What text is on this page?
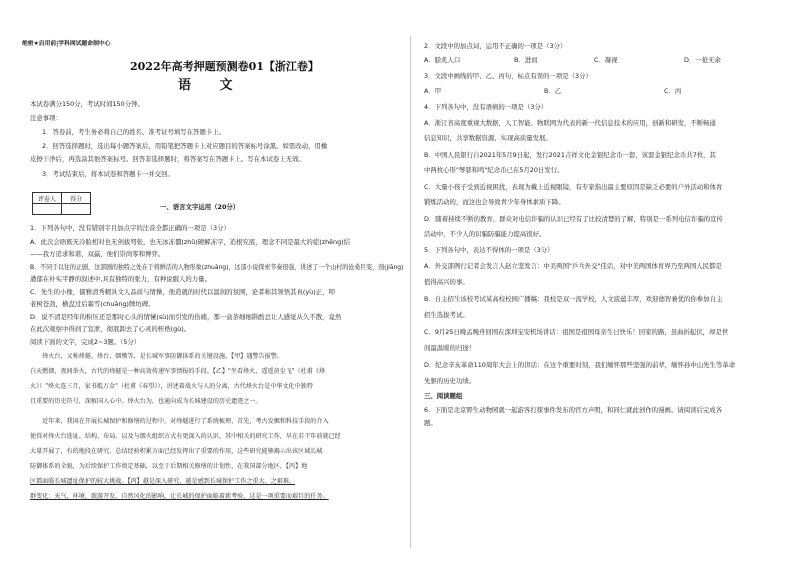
绝密★启用前|学科网试题命制中心
2022年高考押题预测卷01【浙江卷】
语 文
本试卷满分150分，考试时间150分钟。
注意事项：
1．答卷前，考生务必将自己的姓名、准考证号填写在答题卡上。
2．回答选择题时，选出每小题答案后，用铅笔把答题卡上对应题目的答案标号涂黑。如需改动，用橡
皮擦干净后，再选涂其他答案标号。回答非选择题时，将答案写在答题卡上。写在本试卷上无效。
3．考试结束后，将本试卷和答题卡一并交回。
评卷人	得分

一、语言文字运用（20分）
1．下列各句中，没有错别字且加点字的注音全都正确的一项是（3分）
A．此次会晤既无冷脸相对也无剑拔弩张，也无冰冻僵(zhǔ)硬解冻字，追根究底，理念不同是最大的症(zhēng)结
——我方追求和谐、双赢，他们崇尚零和博弈。
B．不同于以往的正剧，这部剧的独特之处在于将鲜活的人物形象(zhuàng)，这部小说探索节奏很强，讲述了一个山村的沧桑巨变，剖(jiāng)
遒郁在朴实平静的叙述中,具有独特的张力，有种说服人的力量。
C．先生的小像，儒雅清秀精具文人品质与情操，他造就的时代以温润的氛围，论者称其领悟其真(yù)正，叩
老树苍劲，横盘过后霜雪(chuāng)牌坊碑。
D．说不清是经年的积压还是那时心头的情愫(sù)而引发的伤痛，那一盒茶细细斟酌总让人感觉从久不散，竟然
在此次观察中得到了宣泄，彻底卸去了心灵的桎梏(gù)。
阅读下面的文字，完成2~3题。（5分）
　　烽火台，又称烽燧、烽台、烟墩等，是长城军事防御体系的关键设施。【甲】遇警告报警。
白天燃烟，夜间举火，古代的烽燧是一种高效传递军事情报的手段。【乙】"坐看烽火，遥遥黄尘飞"（杜甫《烽
火》）"烽火连三月，家书抵万金"（杜甫《春望》），讲述着战火与人的分离，古代烽火台是中华文化中独特
且重要的历史符号，深植国人心中。烽火台为，也通向成为长城建设的历史遗迹之一。
　　近年来，我国在开展长城保护和修缮的过程中，对烽燧进行了系统梳理，首先，考古发掘和科技手段的介入
使得对烽火台选址、结构、布局、以及与烟火组织方式有更深入的认识，其中相关的研究工作，早在若干年前就已经
大量开展了，有的地段在研究、总结经验积累方面已经发挥出了重要的作用，这些研究能够揭示出该区域长城
防御体系的全貌，为后续保护工作奠定基础，以至于后期相关修缮的计划性，在我国部分地区，【丙】地
区都面临长城遗址保护的较大挑战。【丙】越是深入研究，越是感到长城保护工作之重大、之艰难。
群变化：天气、环境、旅游开发、自然风化的影响，让长城的保护面临着新考验，这是一项重要而艰巨的任务。
2．文段中的加点词，运用不正确的一项是（3分）
A．脍炙人口	B．进而	C．凝视	D．一抢无余
3．文段中画线的甲、乙、丙句，标点有误的一项是（3分）
A．甲	B．乙	C．丙
4．下列各句中，没有语病的一项是（3分）
A．浙江省高度重视大数据，人工智能、物联网为代表的新一代信息技术的应用，创新和研发，不断畅通
信息知识，共享数据资源，实现高质量发展。
B．中国人民银行自2021年5月9日起，发行2021吉祥文化金银纪念币一套，该套金银纪念币共7枚，其
中两枚心形"琴瑟和鸣"纪念币已在5月20日发行。
C．大量小孩子受到近视困扰，表现为戴上近视眼镜，有专家指出最主要原因是缺乏必要的户外活动和体育
锻炼活动的，而这也会导致青少年身体素质下降。
D．随着持续不断的教育，群众对电信诈骗的认识已经有了比较清楚的了解，特别是一系列电信诈骗的宣传
活动中，不少人的识骗防骗能力提高很好。
5．下列各句中，表达不得体的一项是（3分）
A．外交部例行记者会发言人赵立坚发言：中美两国"乒乓外交"佳话，对中美两国体育界乃至两国人民都是
值得高兴的事。
B．自主招生该校考试某高校校园广播稿：我校是双一流学校，人文底蕴丰厚，欢迎德智兼优的你参加自主
招生选拔考试。
C．9月25日晚孟晚舟回国在深圳宝安机场讲话：祖国是祖国母亲生日快乐！回家的路，虽曲折起伏，却是世
间最温暖的归途！
D．纪念辛亥革命110周年大会上的讲话：在这个重要时刻，我们缅怀那些坚强的前辈，缅怀孙中山先生等革命
先驱的历史功绩。
三、阅读题组
6．下面是北京野生动物园就一起游客打探事件发布的官方声明，和同仁就此创作的漫画。请阅读后完成各
题。
